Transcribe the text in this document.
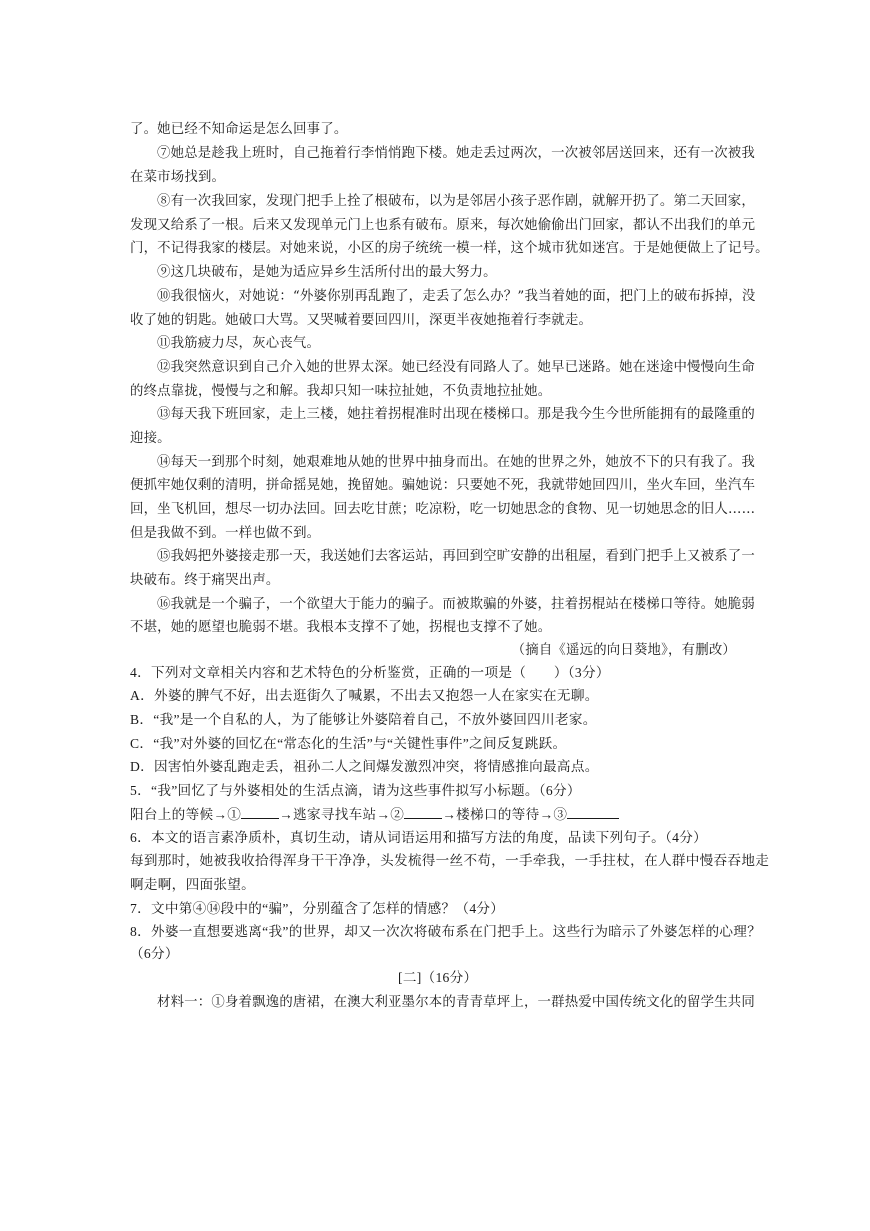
了。她已经不知命运是怎么回事了。
⑦她总是趁我上班时，自己拖着行李悄悄跑下楼。她走丢过两次，一次被邻居送回来，还有一次被我
在菜市场找到。
⑧有一次我回家，发现门把手上拴了根破布，以为是邻居小孩子恶作剧，就解开扔了。第二天回家，
发现又给系了一根。后来又发现单元门上也系有破布。原来，每次她偷偷出门回家，都认不出我们的单元
门，不记得我家的楼层。对她来说，小区的房子统统一模一样，这个城市犹如迷宫。于是她便做上了记号。
⑨这几块破布，是她为适应异乡生活所付出的最大努力。
⑩我很恼火，对她说：“外婆你别再乱跑了，走丢了怎么办？”我当着她的面，把门上的破布拆掉，没
收了她的钥匙。她破口大骂。又哭喊着要回四川，深更半夜她拖着行李就走。
⑪我筋疲力尽，灰心丧气。
⑫我突然意识到自己介入她的世界太深。她已经没有同路人了。她早已迷路。她在迷途中慢慢向生命
的终点靠拢，慢慢与之和解。我却只知一味拉扯她，不负责地拉扯她。
⑬每天我下班回家，走上三楼，她拄着拐棍准时出现在楼梯口。那是我今生今世所能拥有的最隆重的
迎接。
⑭每天一到那个时刻，她艰难地从她的世界中抽身而出。在她的世界之外，她放不下的只有我了。我
便抓牢她仅剩的清明，拼命摇晃她，挽留她。骗她说：只要她不死，我就带她回四川，坐火车回，坐汽车
回，坐飞机回，想尽一切办法回。回去吃甘蔗；吃凉粉，吃一切她思念的食物、见一切她思念的旧人……
但是我做不到。一样也做不到。
⑮我妈把外婆接走那一天，我送她们去客运站，再回到空旷安静的出租屋，看到门把手上又被系了一
块破布。终于痛哭出声。
⑯我就是一个骗子，一个欲望大于能力的骗子。而被欺骗的外婆，拄着拐棍站在楼梯口等待。她脆弱
不堪，她的愿望也脆弱不堪。我根本支撑不了她，拐棍也支撑不了她。
（摘自《遥远的向日葵地》，有删改）
4．下列对文章相关内容和艺术特色的分析鉴赏，正确的一项是（　　）（3分）
A．外婆的脾气不好，出去逛街久了喊累，不出去又抱怨一人在家实在无聊。
B．“我”是一个自私的人，为了能够让外婆陪着自己，不放外婆回四川老家。
C．“我”对外婆的回忆在“常态化的生活”与“关键性事件”之间反复跳跃。
D．因害怕外婆乱跑走丢，祖孙二人之间爆发激烈冲突，将情感推向最高点。
5．“我”回忆了与外婆相处的生活点滴，请为这些事件拟写小标题。（6分）
阳台上的等候→①	→逃家寻找车站→②	→楼梯口的等待→③
6．本文的语言素净质朴，真切生动，请从词语运用和描写方法的角度，品读下列句子。（4分）
每到那时，她被我收拾得浑身干干净净，头发梳得一丝不苟，一手牵我，一手拄杖，在人群中慢吞吞地走
啊走啊，四面张望。
7．文中第④⑭段中的“骗”，分别蕴含了怎样的情感？（4分）
8．外婆一直想要逃离“我”的世界，却又一次次将破布系在门把手上。这些行为暗示了外婆怎样的心理？
（6分）
[二]（16分）
材料一：①身着飘逸的唐裙，在澳大利亚墨尔本的青青草坪上，一群热爱中国传统文化的留学生共同
